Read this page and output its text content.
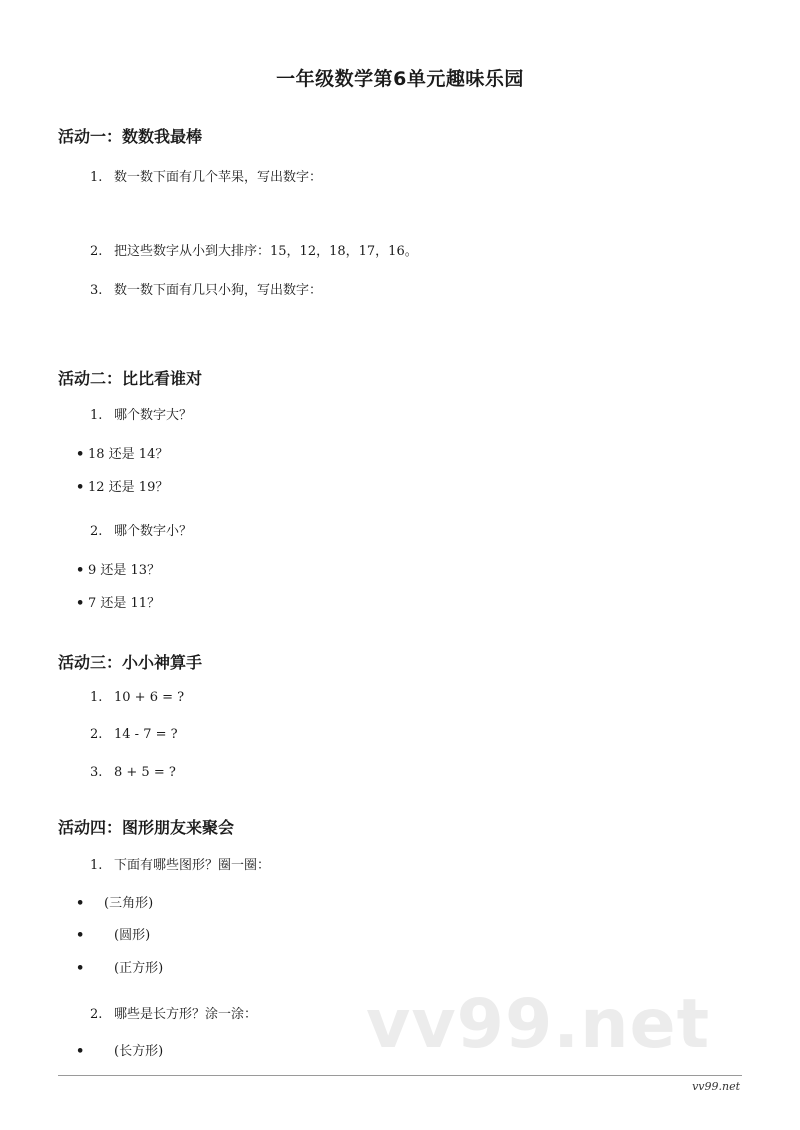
一年级数学第6单元趣味乐园
活动一：数数我最棒
1. 数一数下面有几个苹果，写出数字：
2. 把这些数字从小到大排序：15，12，18，17，16。
3. 数一数下面有几只小狗，写出数字：
活动二：比比看谁对
1. 哪个数字大？
• 18 还是 14？
• 12 还是 19？
2. 哪个数字小？
• 9 还是 13？
• 7 还是 11？
活动三：小小神算手
1. 10 + 6 = ?
2. 14 - 7 = ?
3. 8 + 5 = ?
活动四：图形朋友来聚会
1. 下面有哪些图形？圈一圈：
• (三角形)
• (圆形)
• (正方形)
2. 哪些是长方形？涂一涂：
• (长方形)	vv99.net
vv99.net
